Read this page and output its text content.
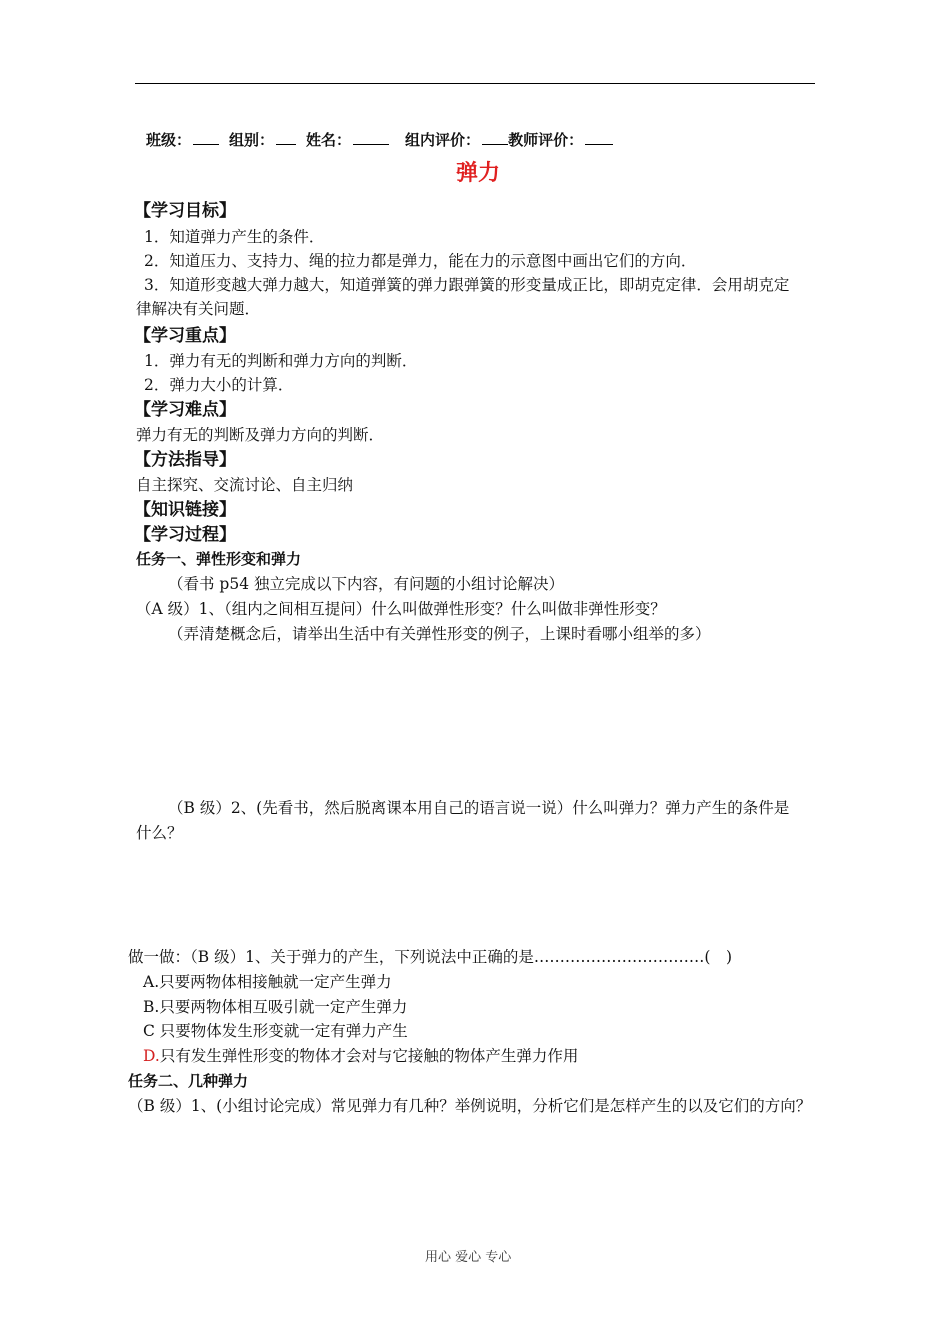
班级：	组别： 姓名：	组内评价： 教师评价：
弹力
【学习目标】
1．知道弹力产生的条件．
2．知道压力、支持力、绳的拉力都是弹力，能在力的示意图中画出它们的方向．
3．知道形变越大弹力越大，知道弹簧的弹力跟弹簧的形变量成正比，即胡克定律．会用胡克定
律解决有关问题．
【学习重点】
1．弹力有无的判断和弹力方向的判断．
2．弹力大小的计算．
【学习难点】
弹力有无的判断及弹力方向的判断．
【方法指导】
自主探究、交流讨论、自主归纳
【知识链接】
【学习过程】
任务一、弹性形变和弹力
（看书 p54 独立完成以下内容，有问题的小组讨论解决）
（A 级）1、（组内之间相互提问）什么叫做弹性形变？什么叫做非弹性形变？
（弄清楚概念后，请举出生活中有关弹性形变的例子，上课时看哪小组举的多）
（B 级）2、(先看书，然后脱离课本用自己的语言说一说）什么叫弹力？弹力产生的条件是
什么？
做一做：（B 级）1、关于弹力的产生，下列说法中正确的是……………………………(　)
A.只要两物体相接触就一定产生弹力
B.只要两物体相互吸引就一定产生弹力
C 只要物体发生形变就一定有弹力产生
D.只有发生弹性形变的物体才会对与它接触的物体产生弹力作用
任务二、几种弹力
（B 级）1、(小组讨论完成）常见弹力有几种？举例说明，分析它们是怎样产生的以及它们的方向？
用心 爱心 专心
